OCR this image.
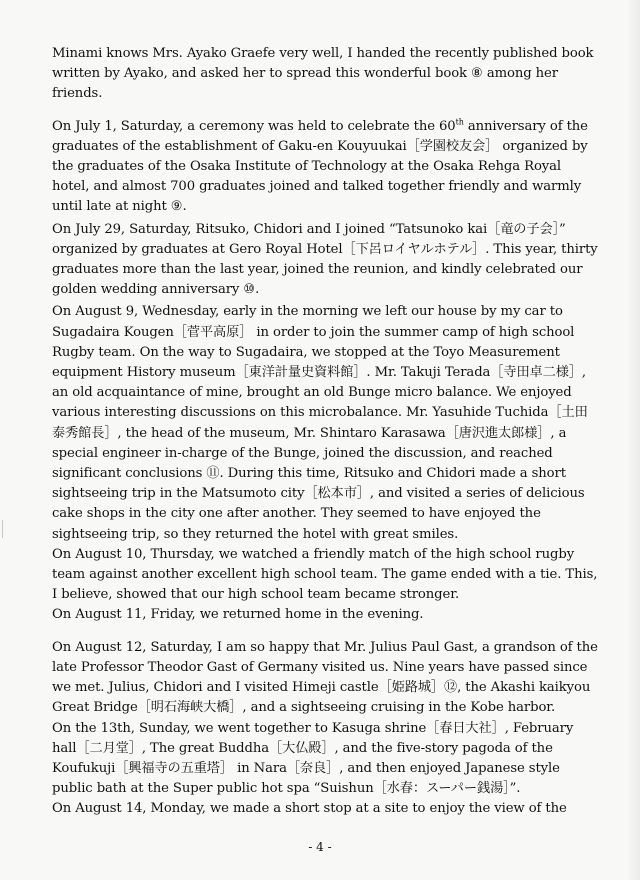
Minami knows Mrs. Ayako Graefe very well, I handed the recently published book written by Ayako, and asked her to spread this wonderful book ⑧ among her friends.

On July 1, Saturday, a ceremony was held to celebrate the 60th anniversary of the graduates of the establishment of Gaku-en Kouyuukai［学園校友会］ organized by the graduates of the Osaka Institute of Technology at the Osaka Rehga Royal hotel, and almost 700 graduates joined and talked together friendly and warmly until late at night ⑨.

On July 29, Saturday, Ritsuko, Chidori and I joined “Tatsunoko kai［竜の子会］” organized by graduates at Gero Royal Hotel［下呂ロイヤルホテル］. This year, thirty graduates more than the last year, joined the reunion, and kindly celebrated our golden wedding anniversary ⑩.

On August 9, Wednesday, early in the morning we left our house by my car to Sugadaira Kougen［菅平高原］ in order to join the summer camp of high school Rugby team. On the way to Sugadaira, we stopped at the Toyo Measurement equipment History museum［東洋計量史資料館］. Mr. Takuji Terada［寺田卓二様］, an old acquaintance of mine, brought an old Bunge micro balance. We enjoyed various interesting discussions on this microbalance. Mr. Yasuhide Tuchida［土田泰秀館長］, the head of the museum, Mr. Shintaro Karasawa［唐沢進太郎様］, a special engineer in-charge of the Bunge, joined the discussion, and reached significant conclusions ⑪. During this time, Ritsuko and Chidori made a short sightseeing trip in the Matsumoto city［松本市］, and visited a series of delicious cake shops in the city one after another. They seemed to have enjoyed the sightseeing trip, so they returned the hotel with great smiles.

On August 10, Thursday, we watched a friendly match of the high school rugby team against another excellent high school team. The game ended with a tie. This, I believe, showed that our high school team became stronger.

On August 11, Friday, we returned home in the evening.

On August 12, Saturday, I am so happy that Mr. Julius Paul Gast, a grandson of the late Professor Theodor Gast of Germany visited us. Nine years have passed since we met. Julius, Chidori and I visited Himeji castle［姫路城］⑫, the Akashi kaikyou Great Bridge［明石海峡大橋］, and a sightseeing cruising in the Kobe harbor.

On the 13th, Sunday, we went together to Kasuga shrine［春日大社］, February hall［二月堂］, The great Buddha［大仏殿］, and the five-story pagoda of the Koufukuji［興福寺の五重塔］ in Nara［奈良］, and then enjoyed Japanese style public bath at the Super public hot spa “Suishun［水春：スーパー銭湯］”.

On August 14, Monday, we made a short stop at a site to enjoy the view of the

- 4 -
